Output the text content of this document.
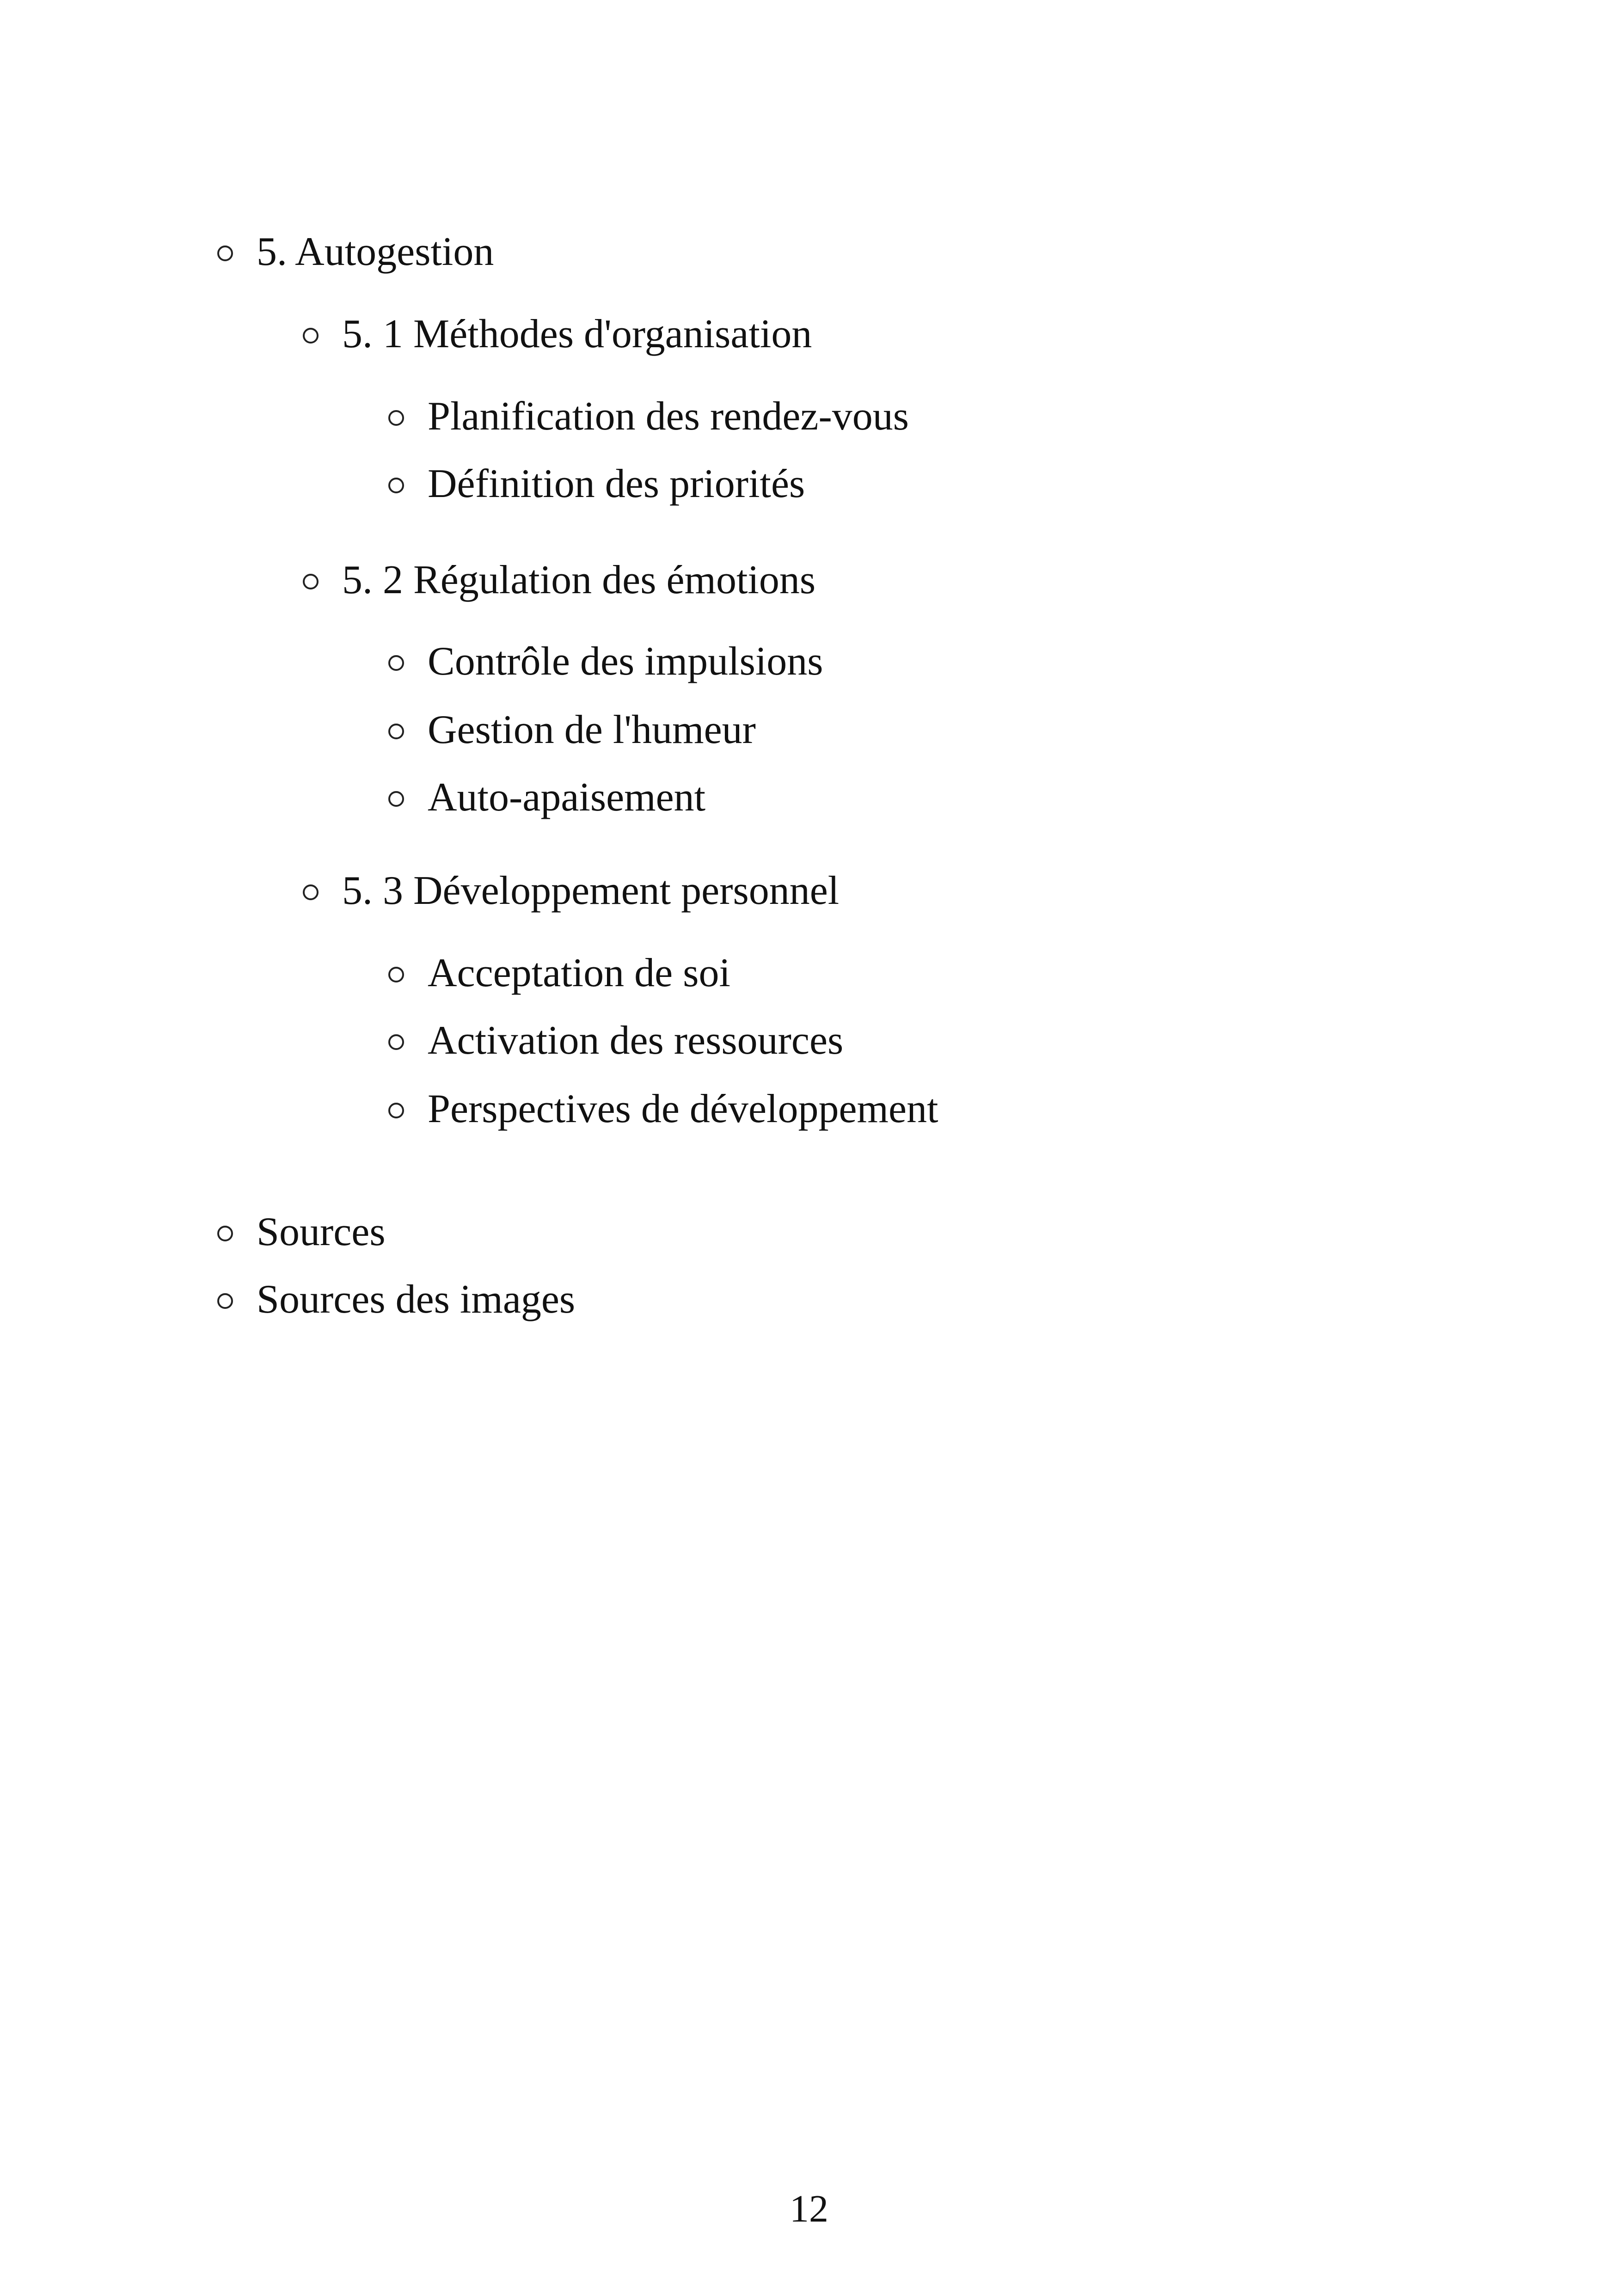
5. Autogestion
5. 1 Méthodes d'organisation
Planification des rendez-vous
Définition des priorités
5. 2 Régulation des émotions
Contrôle des impulsions
Gestion de l'humeur
Auto-apaisement
5. 3 Développement personnel
Acceptation de soi
Activation des ressources
Perspectives de développement
Sources
Sources des images
12
